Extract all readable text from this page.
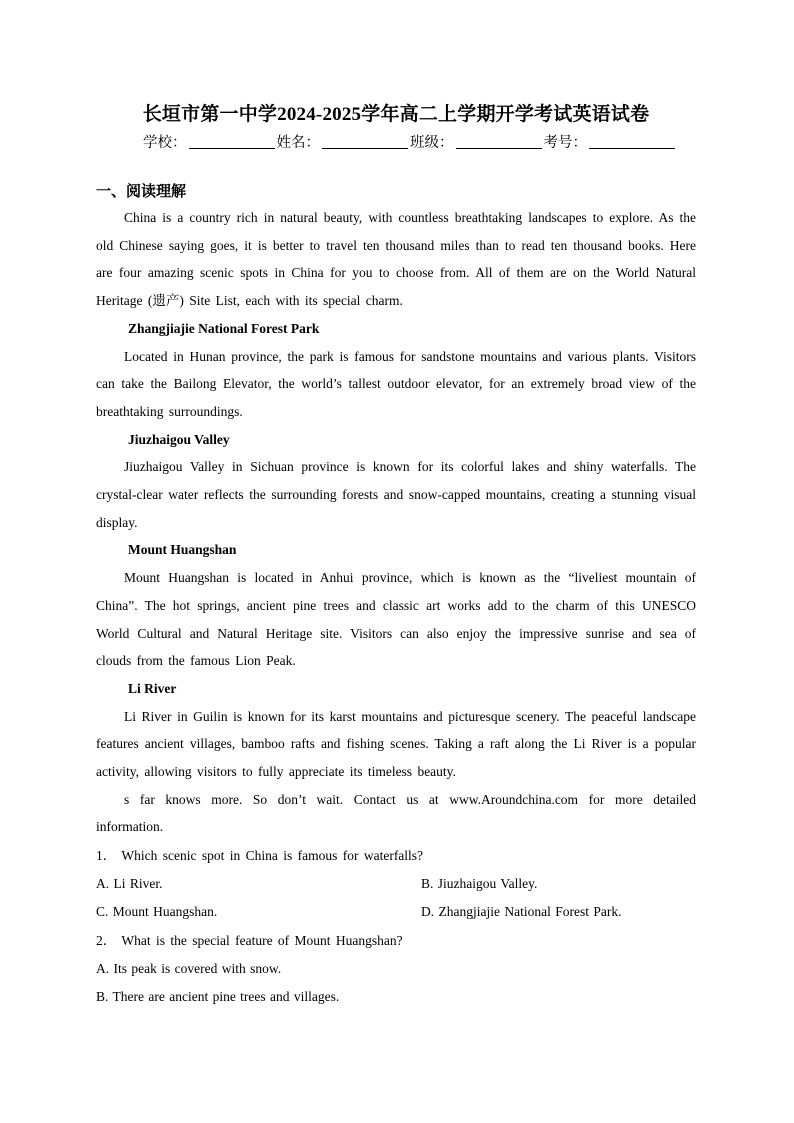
长垣市第一中学2024-2025学年高二上学期开学考试英语试卷
学校：	姓名：	班级：	考号：
一、阅读理解

China is a country rich in natural beauty, with countless breathtaking landscapes to explore. As the old Chinese saying goes, it is better to travel ten thousand miles than to read ten thousand books. Here are four amazing scenic spots in China for you to choose from. All of them are on the World Natural Heritage (遗产) Site List, each with its special charm.

Zhangjiajie National Forest Park

Located in Hunan province, the park is famous for sandstone mountains and various plants. Visitors can take the Bailong Elevator, the world’s tallest outdoor elevator, for an extremely broad view of the breathtaking surroundings.

Jiuzhaigou Valley

Jiuzhaigou Valley in Sichuan province is known for its colorful lakes and shiny waterfalls. The crystal-clear water reflects the surrounding forests and snow-capped mountains, creating a stunning visual display.

Mount Huangshan

Mount Huangshan is located in Anhui province, which is known as the “liveliest mountain of China”. The hot springs, ancient pine trees and classic art works add to the charm of this UNESCO World Cultural and Natural Heritage site. Visitors can also enjoy the impressive sunrise and sea of clouds from the famous Lion Peak.

Li River

Li River in Guilin is known for its karst mountains and picturesque scenery. The peaceful landscape features ancient villages, bamboo rafts and fishing scenes. Taking a raft along the Li River is a popular activity, allowing visitors to fully appreciate its timeless beauty.

s far knows more. So don’t wait. Contact us at www.Aroundchina.com for more detailed information.

1． Which scenic spot in China is famous for waterfalls?

A. Li River.	B. Jiuzhaigou Valley.
C. Mount Huangshan.	D. Zhangjiajie National Forest Park.

2． What is the special feature of Mount Huangshan?

A. Its peak is covered with snow.

B. There are ancient pine trees and villages.
